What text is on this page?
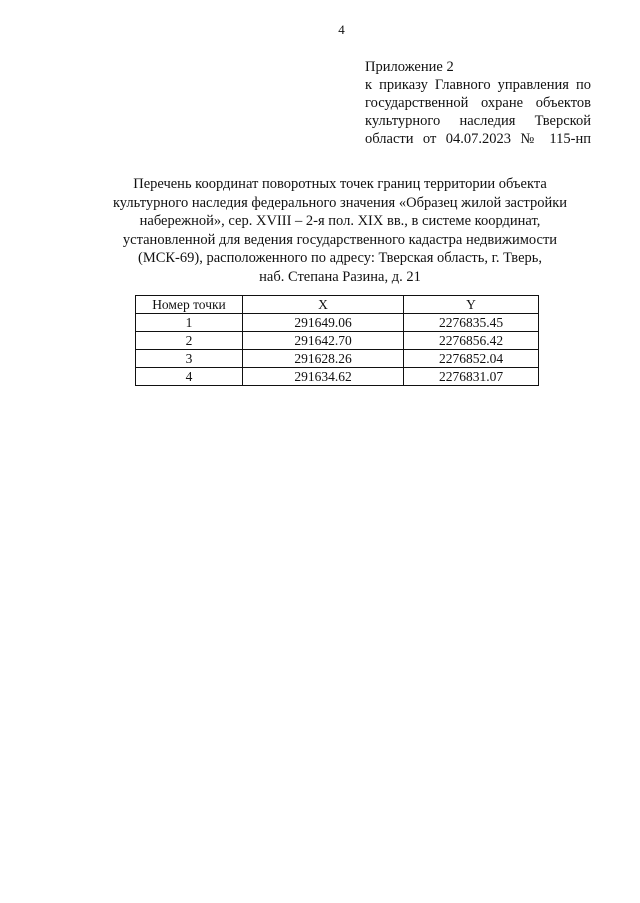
4
Приложение 2
к приказу Главного управления по
государственной охране объектов
культурного наследия Тверской
области от 04.07.2023 № 115-нп
Перечень координат поворотных точек границ территории объекта
культурного наследия федерального значения «Образец жилой застройки
набережной», сер. XVIII – 2-я пол. XIX вв., в системе координат,
установленной для ведения государственного кадастра недвижимости
(МСК-69), расположенного по адресу: Тверская область, г. Тверь,
наб. Степана Разина, д. 21
Номер точки	X	Y
1	291649.06	2276835.45
2	291642.70	2276856.42
3	291628.26	2276852.04
4	291634.62	2276831.07
